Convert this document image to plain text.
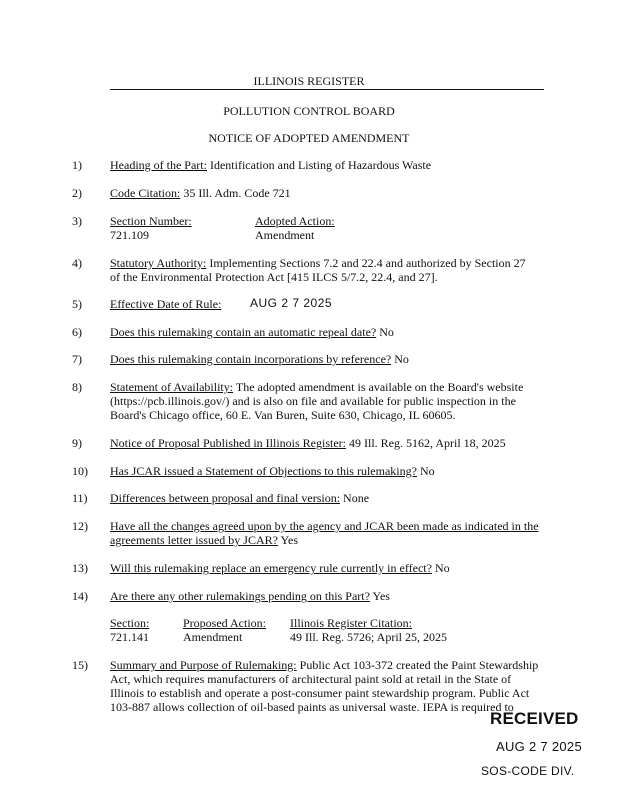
ILLINOIS REGISTER
POLLUTION CONTROL BOARD
NOTICE OF ADOPTED AMENDMENT
1) Heading of the Part: Identification and Listing of Hazardous Waste
2) Code Citation: 35 Ill. Adm. Code 721
3) Section Number:
721.109
Adopted Action:
Amendment
4) Statutory Authority: Implementing Sections 7.2 and 22.4 and authorized by Section 27
of the Environmental Protection Act [415 ILCS 5/7.2, 22.4, and 27].
5) Effective Date of Rule: AUG 2 7 2025
6) Does this rulemaking contain an automatic repeal date? No
7) Does this rulemaking contain incorporations by reference? No
8) Statement of Availability: The adopted amendment is available on the Board's website
(https://pcb.illinois.gov/) and is also on file and available for public inspection in the
Board's Chicago office, 60 E. Van Buren, Suite 630, Chicago, IL 60605.
9) Notice of Proposal Published in Illinois Register: 49 Ill. Reg. 5162, April 18, 2025
10) Has JCAR issued a Statement of Objections to this rulemaking? No
11) Differences between proposal and final version: None
12) Have all the changes agreed upon by the agency and JCAR been made as indicated in the
agreements letter issued by JCAR? Yes
13) Will this rulemaking replace an emergency rule currently in effect? No
14) Are there any other rulemakings pending on this Part? Yes
Section:	Proposed Action: Illinois Register Citation:
721.141	Amendment	49 Ill. Reg. 5726; April 25, 2025
15) Summary and Purpose of Rulemaking: Public Act 103-372 created the Paint Stewardship
Act, which requires manufacturers of architectural paint sold at retail in the State of
Illinois to establish and operate a post-consumer paint stewardship program. Public Act
103-887 allows collection of oil-based paints as universal waste. IEPA is required to
RECEIVED
AUG 2 7 2025
SOS-CODE DIV.
